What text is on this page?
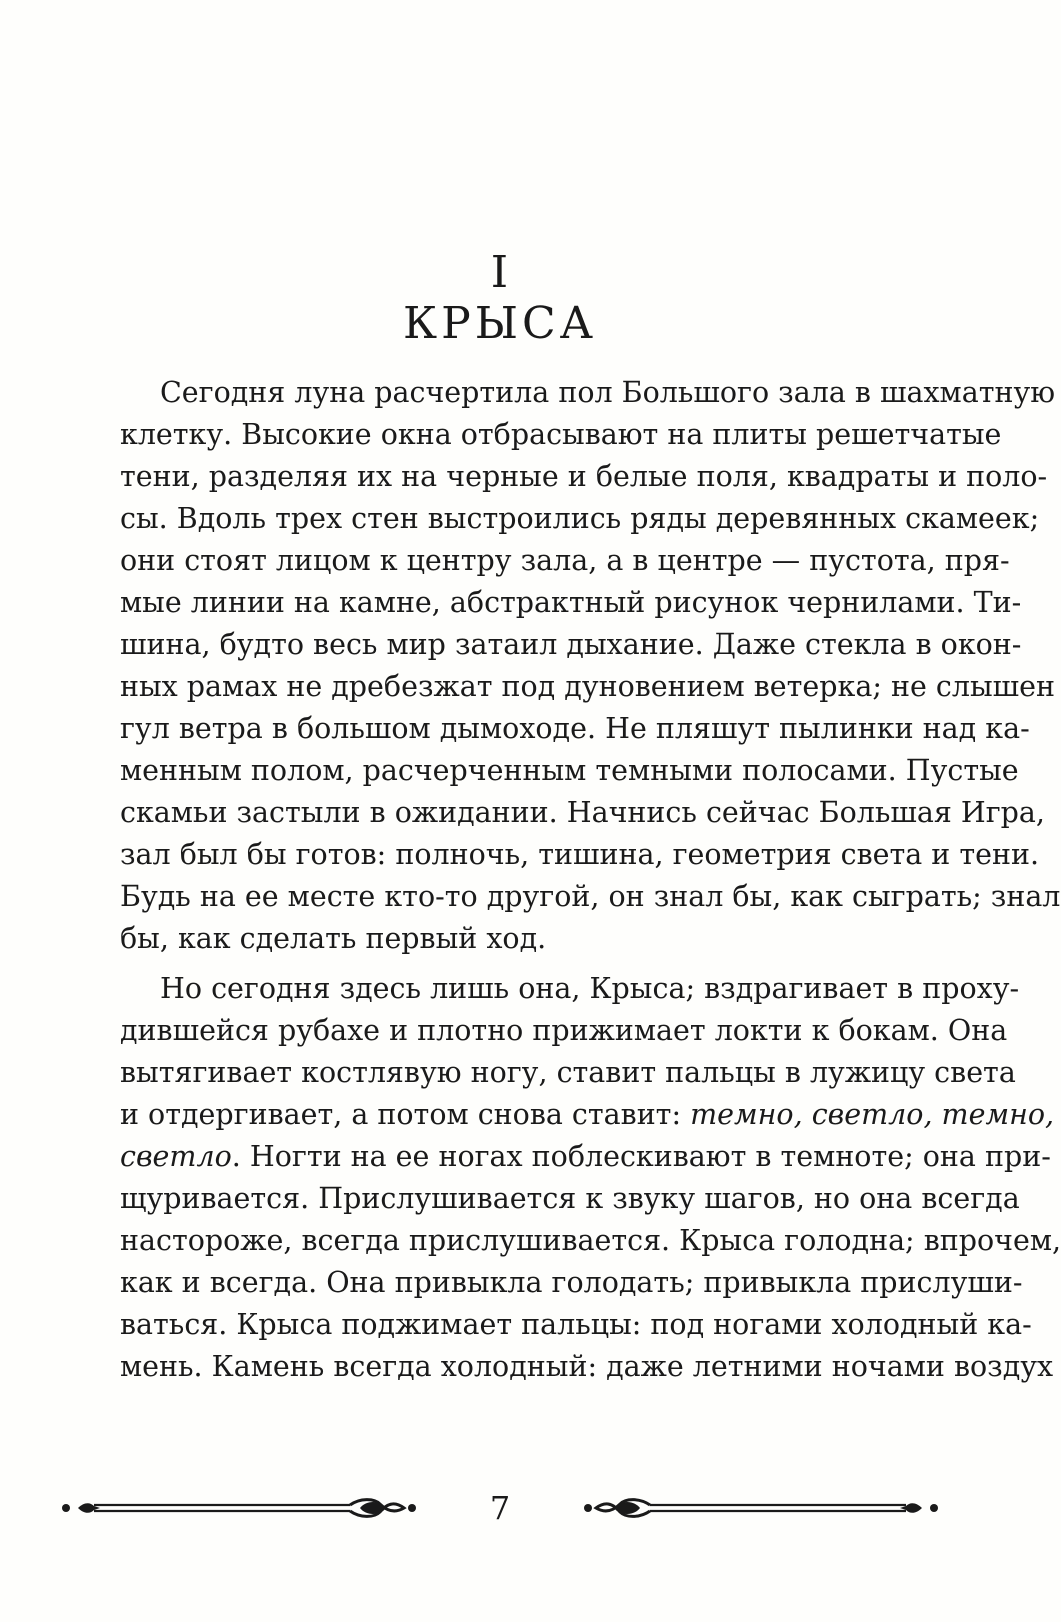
I
КРЫСА
Сегодня луна расчертила пол Большого зала в шахматную
клетку. Высокие окна отбрасывают на плиты решетчатые
тени, разделяя их на черные и белые поля, квадраты и поло-
сы. Вдоль трех стен выстроились ряды деревянных скамеек;
они стоят лицом к центру зала, а в центре — пустота, пря-
мые линии на камне, абстрактный рисунок чернилами. Ти-
шина, будто весь мир затаил дыхание. Даже стекла в окон-
ных рамах не дребезжат под дуновением ветерка; не слышен
гул ветра в большом дымоходе. Не пляшут пылинки над ка-
менным полом, расчерченным темными полосами. Пустые
скамьи застыли в ожидании. Начнись сейчас Большая Игра,
зал был бы готов: полночь, тишина, геометрия света и тени.
Будь на ее месте кто-то другой, он знал бы, как сыграть; знал
бы, как сделать первый ход.
Но сегодня здесь лишь она, Крыса; вздрагивает в проху-
дившейся рубахе и плотно прижимает локти к бокам. Она
вытягивает костлявую ногу, ставит пальцы в лужицу света
и отдергивает, а потом снова ставит: темно, светло, темно,
светло. Ногти на ее ногах поблескивают в темноте; она при-
щуривается. Прислушивается к звуку шагов, но она всегда
настороже, всегда прислушивается. Крыса голодна; впрочем,
как и всегда. Она привыкла голодать; привыкла прислуши-
ваться. Крыса поджимает пальцы: под ногами холодный ка-
мень. Камень всегда холодный: даже летними ночами воздух
7
